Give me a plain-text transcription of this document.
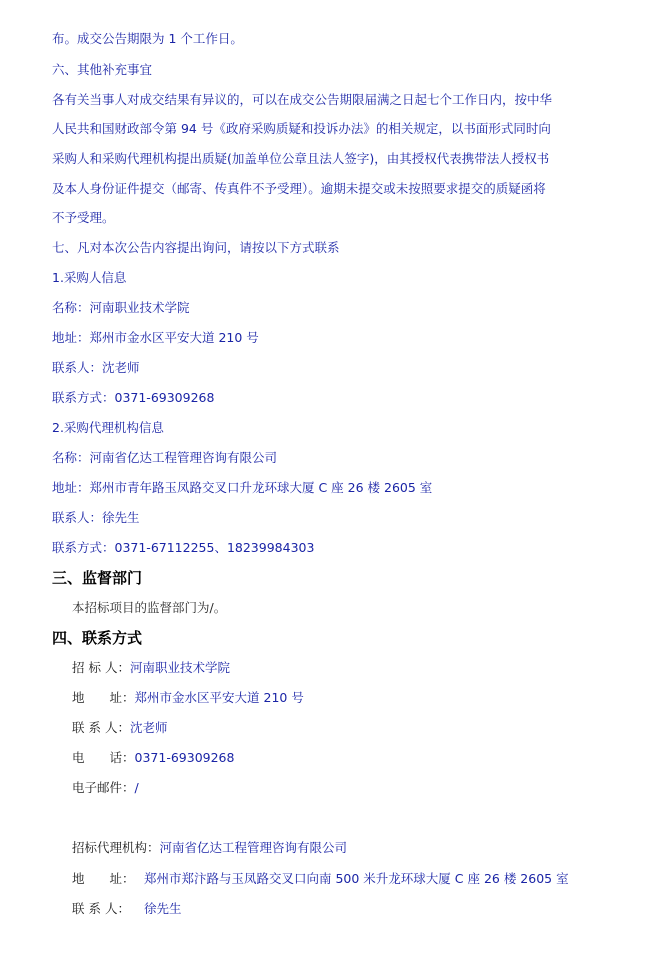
布。成交公告期限为 1 个工作日。
六、其他补充事宜
各有关当事人对成交结果有异议的，可以在成交公告期限届满之日起七个工作日内，按中华
人民共和国财政部令第 94 号《政府采购质疑和投诉办法》的相关规定，以书面形式同时向
采购人和采购代理机构提出质疑(加盖单位公章且法人签字)，由其授权代表携带法人授权书
及本人身份证件提交（邮寄、传真件不予受理）。逾期未提交或未按照要求提交的质疑函将
不予受理。
七、凡对本次公告内容提出询问，请按以下方式联系
1.采购人信息
名称：河南职业技术学院
地址：郑州市金水区平安大道 210 号
联系人：沈老师
联系方式：0371-69309268
2.采购代理机构信息
名称：河南省亿达工程管理咨询有限公司
地址：郑州市青年路玉凤路交叉口升龙环球大厦 C 座 26 楼 2605 室
联系人：徐先生
联系方式：0371-67112255、18239984303
三、监督部门
本招标项目的监督部门为/。
四、联系方式
招 标 人：河南职业技术学院
地　　址：郑州市金水区平安大道 210 号
联 系 人：沈老师
电　　话：0371-69309268
电子邮件：/
招标代理机构：河南省亿达工程管理咨询有限公司
地　　址： 郑州市郑汴路与玉凤路交叉口向南 500 米升龙环球大厦 C 座 26 楼 2605 室
联 系 人： 徐先生
